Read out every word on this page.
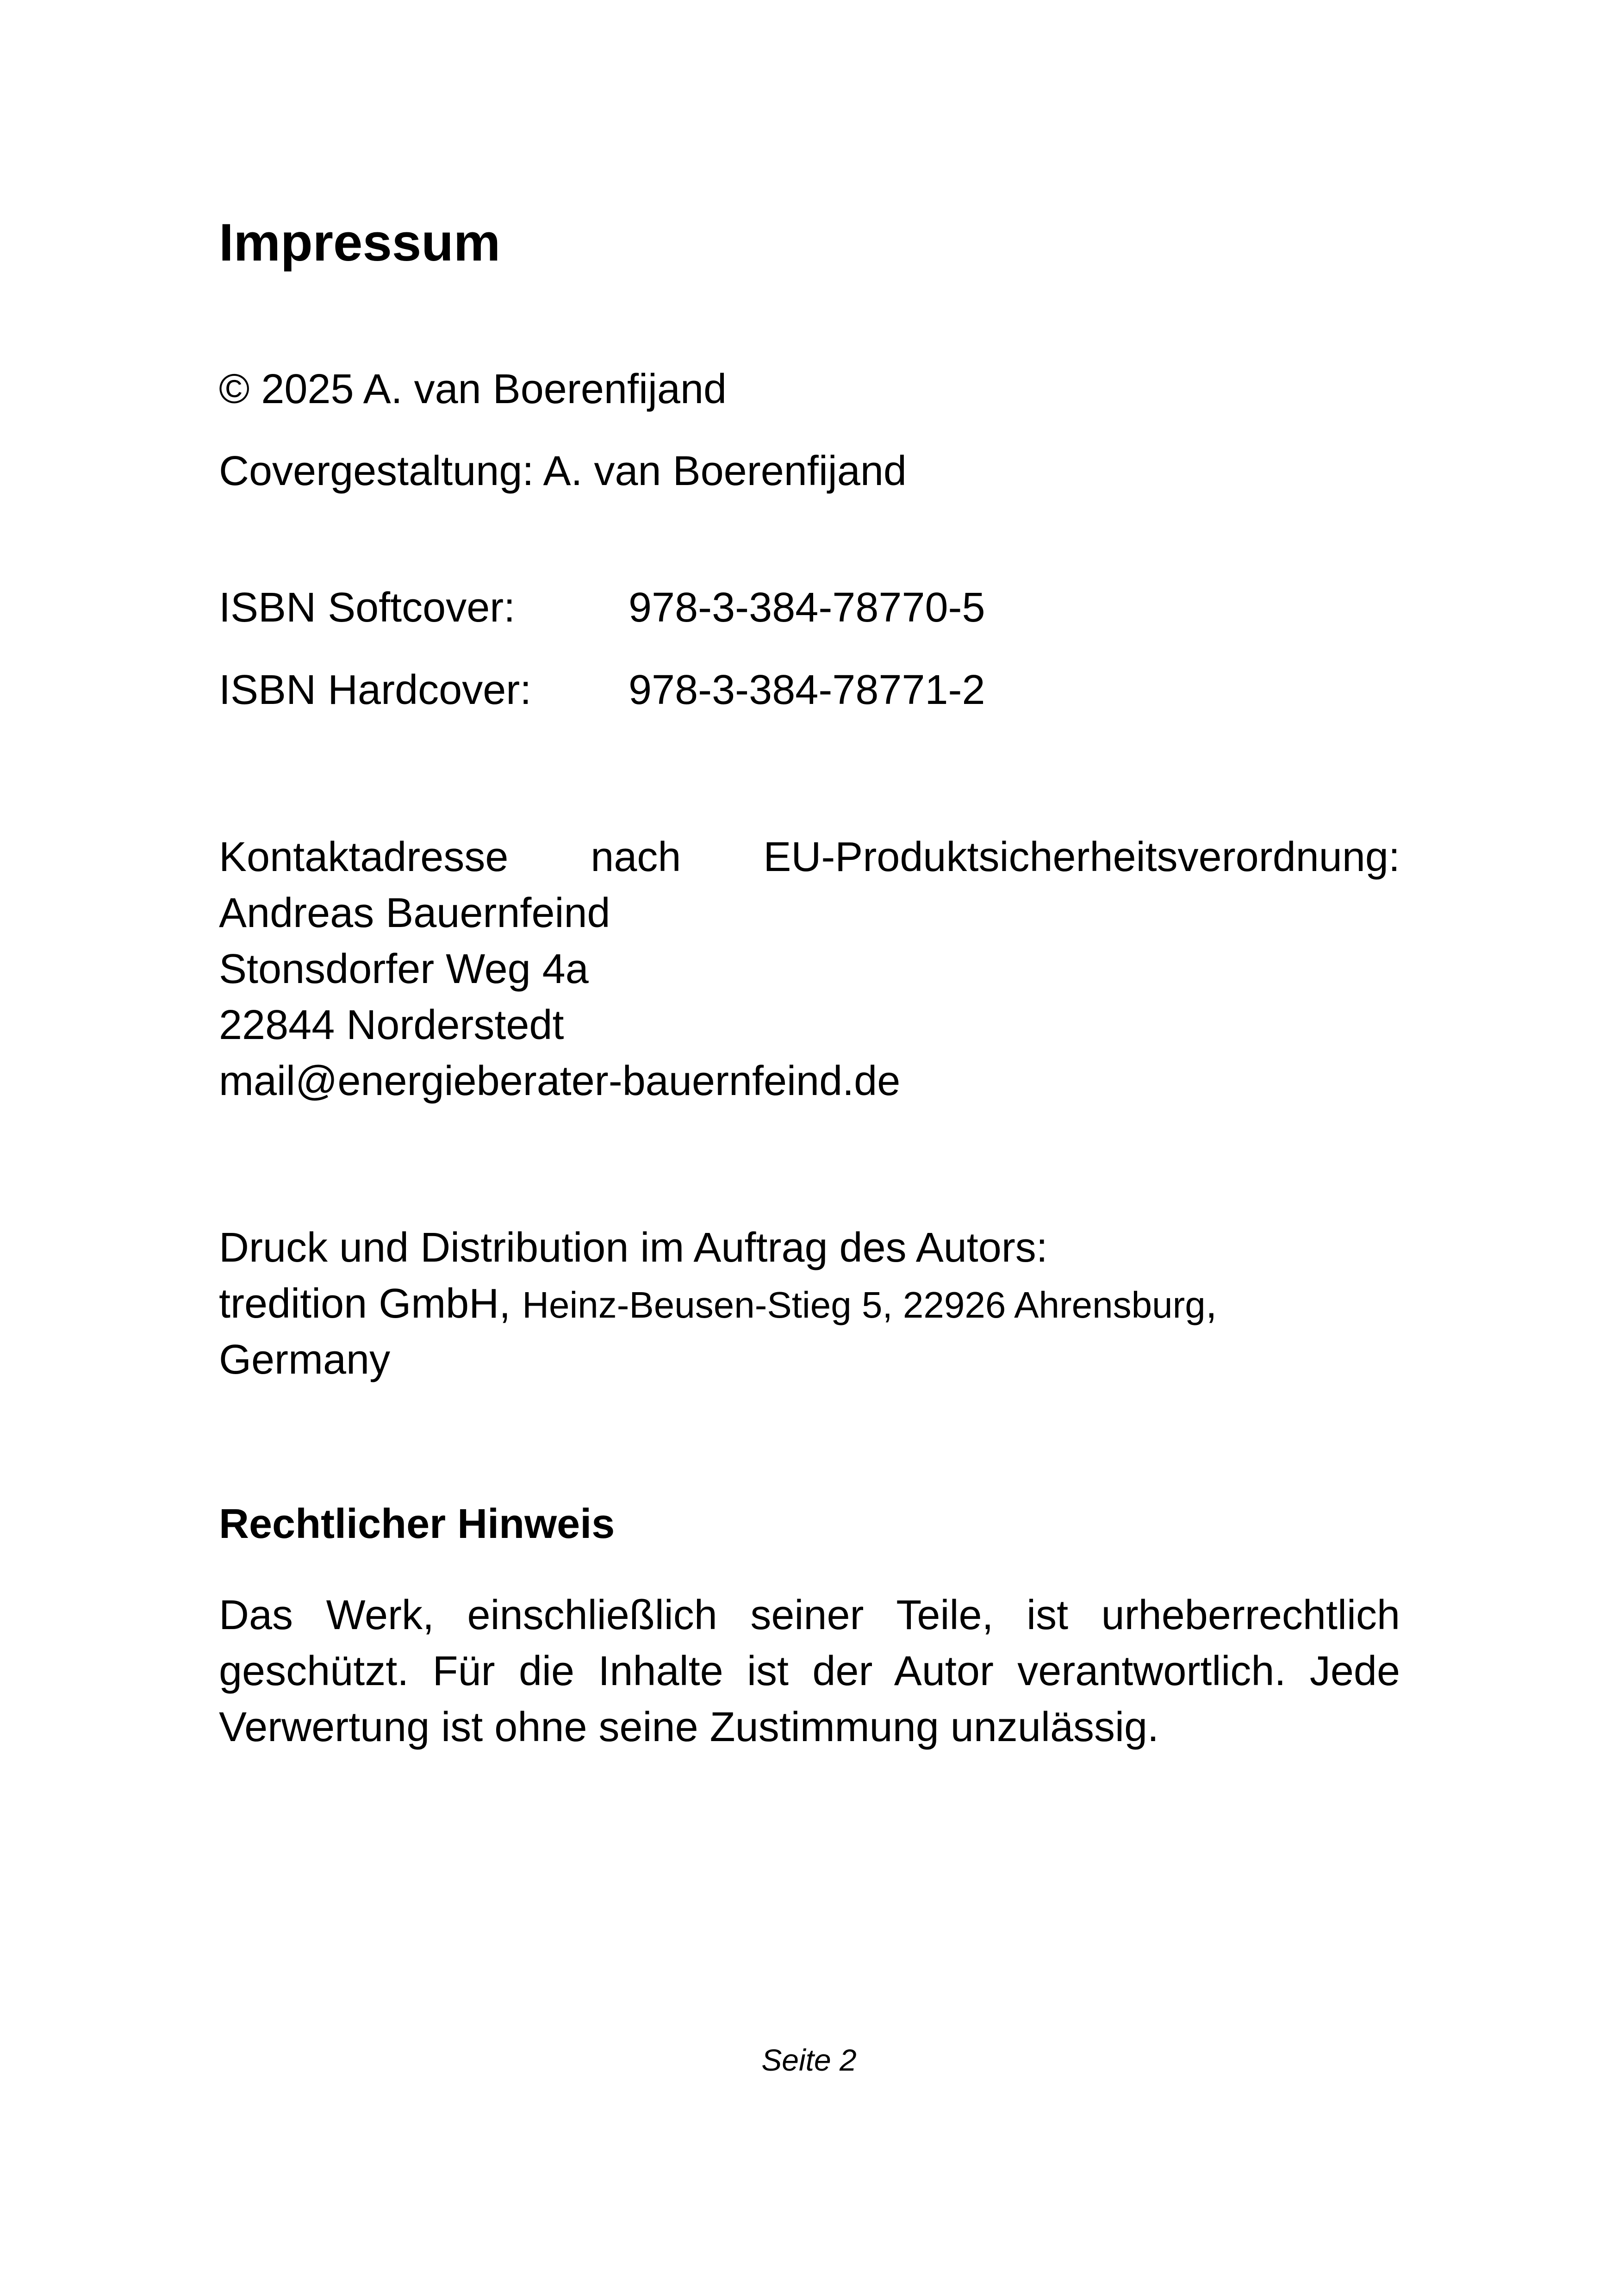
Impressum
© 2025 A. van Boerenfijand
Covergestaltung: A. van Boerenfijand
ISBN Softcover:	978-3-384-78770-5
ISBN Hardcover: 978-3-384-78771-2
Kontaktadresse nach EU-Produktsicherheitsverordnung:
Andreas Bauernfeind
Stonsdorfer Weg 4a
22844 Norderstedt
mail@energieberater-bauernfeind.de
Druck und Distribution im Auftrag des Autors:
tredition GmbH, Heinz-Beusen-Stieg 5, 22926 Ahrensburg,
Germany
Rechtlicher Hinweis
Das Werk, einschließlich seiner Teile, ist urheberrechtlich geschützt. Für die Inhalte ist der Autor verantwortlich. Jede Verwertung ist ohne seine Zustimmung unzulässig.
Seite 2
